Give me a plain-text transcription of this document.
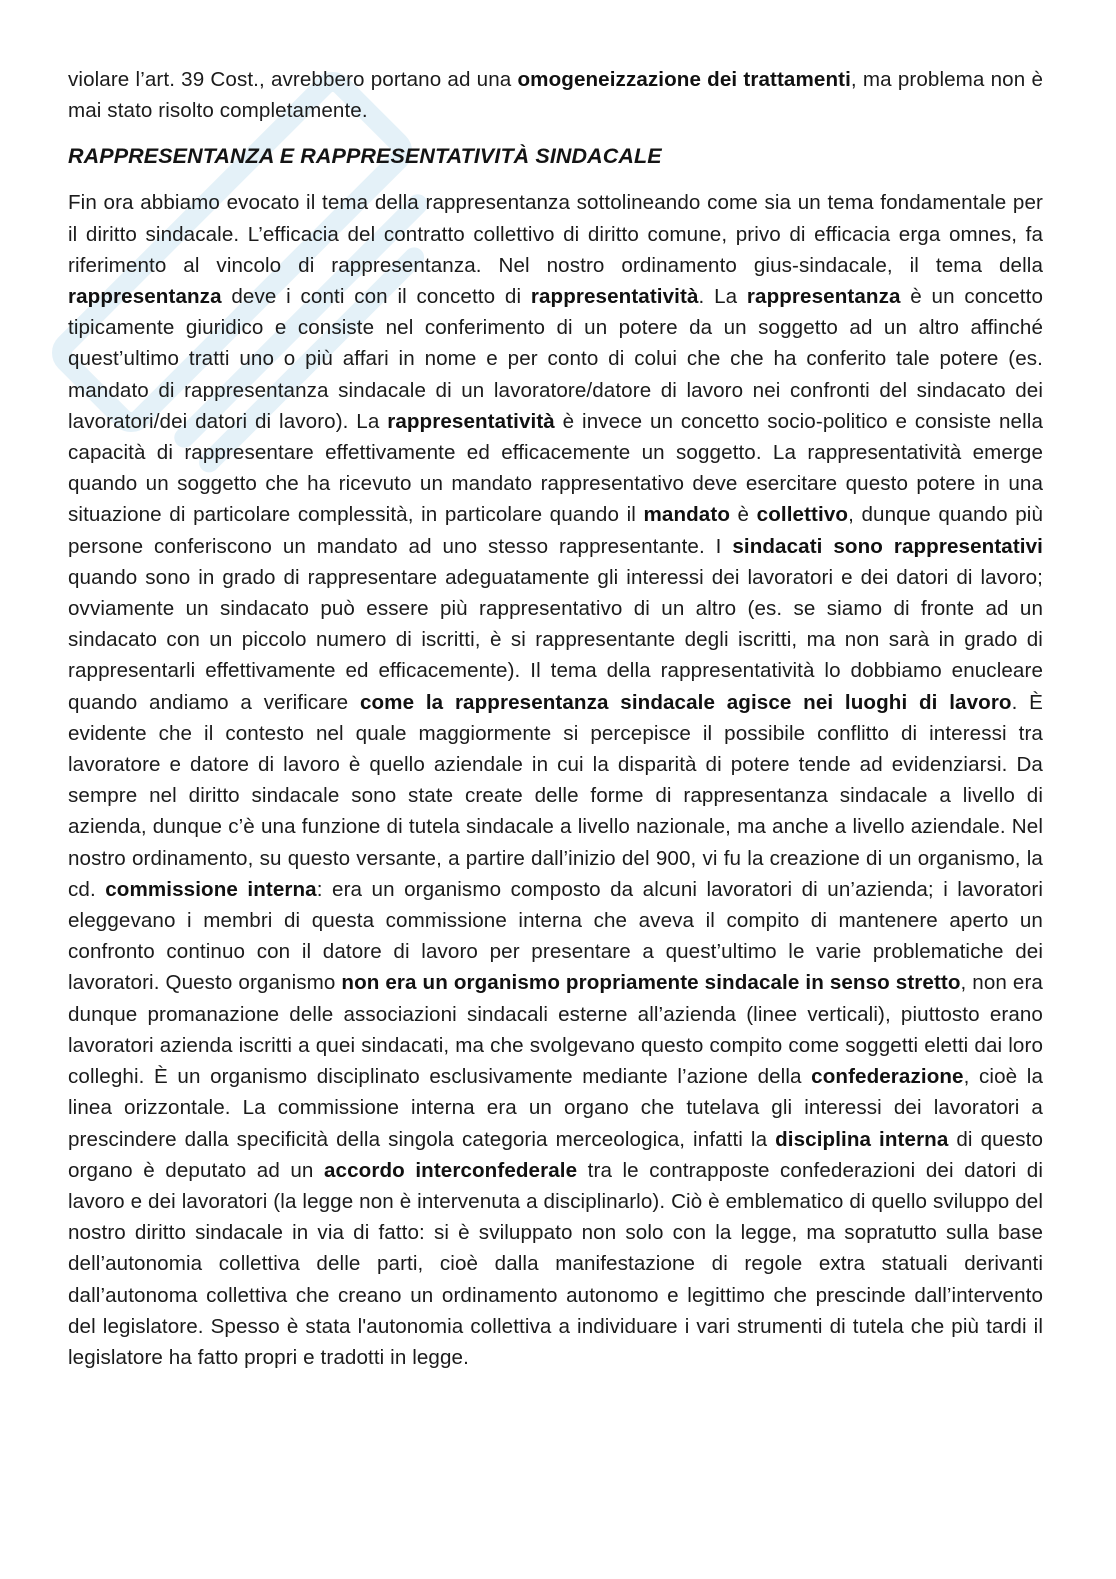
violare l’art. 39 Cost., avrebbero portano ad una omogeneizzazione dei trattamenti, ma problema non è mai stato risolto completamente.

RAPPRESENTANZA E RAPPRESENTATIVITÀ SINDACALE

Fin ora abbiamo evocato il tema della rappresentanza sottolineando come sia un tema fondamentale per il diritto sindacale. L’efficacia del contratto collettivo di diritto comune, privo di efficacia erga omnes, fa riferimento al vincolo di rappresentanza. Nel nostro ordinamento gius-sindacale, il tema della rappresentanza deve i conti con il concetto di rappresentatività. La rappresentanza è un concetto tipicamente giuridico e consiste nel conferimento di un potere da un soggetto ad un altro affinché quest’ultimo tratti uno o più affari in nome e per conto di colui che che ha conferito tale potere (es. mandato di rappresentanza sindacale di un lavoratore/datore di lavoro nei confronti del sindacato dei lavoratori/dei datori di lavoro). La rappresentatività è invece un concetto socio-politico e consiste nella capacità di rappresentare effettivamente ed efficacemente un soggetto. La rappresentatività emerge quando un soggetto che ha ricevuto un mandato rappresentativo deve esercitare questo potere in una situazione di particolare complessità, in particolare quando il mandato è collettivo, dunque quando più persone conferiscono un mandato ad uno stesso rappresentante. I sindacati sono rappresentativi quando sono in grado di rappresentare adeguatamente gli interessi dei lavoratori e dei datori di lavoro; ovviamente un sindacato può essere più rappresentativo di un altro (es. se siamo di fronte ad un sindacato con un piccolo numero di iscritti, è si rappresentante degli iscritti, ma non sarà in grado di rappresentarli effettivamente ed efficacemente). Il tema della rappresentatività lo dobbiamo enucleare quando andiamo a verificare come la rappresentanza sindacale agisce nei luoghi di lavoro. È evidente che il contesto nel quale maggiormente si percepisce il possibile conflitto di interessi tra lavoratore e datore di lavoro è quello aziendale in cui la disparità di potere tende ad evidenziarsi. Da sempre nel diritto sindacale sono state create delle forme di rappresentanza sindacale a livello di azienda, dunque c’è una funzione di tutela sindacale a livello nazionale, ma anche a livello aziendale. Nel nostro ordinamento, su questo versante, a partire dall’inizio del 900, vi fu la creazione di un organismo, la cd. commissione interna: era un organismo composto da alcuni lavoratori di un’azienda; i lavoratori eleggevano i membri di questa commissione interna che aveva il compito di mantenere aperto un confronto continuo con il datore di lavoro per presentare a quest’ultimo le varie problematiche dei lavoratori. Questo organismo non era un organismo propriamente sindacale in senso stretto, non era dunque promanazione delle associazioni sindacali esterne all’azienda (linee verticali), piuttosto erano lavoratori azienda iscritti a quei sindacati, ma che svolgevano questo compito come soggetti eletti dai loro colleghi. È un organismo disciplinato esclusivamente mediante l’azione della confederazione, cioè la linea orizzontale. La commissione interna era un organo che tutelava gli interessi dei lavoratori a prescindere dalla specificità della singola categoria merceologica, infatti la disciplina interna di questo organo è deputato ad un accordo interconfederale tra le contrapposte confederazioni dei datori di lavoro e dei lavoratori (la legge non è intervenuta a disciplinarlo). Ciò è emblematico di quello sviluppo del nostro diritto sindacale in via di fatto: si è sviluppato non solo con la legge, ma sopratutto sulla base dell’autonomia collettiva delle parti, cioè dalla manifestazione di regole extra statuali derivanti dall’autonoma collettiva che creano un ordinamento autonomo e legittimo che prescinde dall’intervento del legislatore. Spesso è stata l'autonomia collettiva a individuare i vari strumenti di tutela che più tardi il legislatore ha fatto propri e tradotti in legge.
